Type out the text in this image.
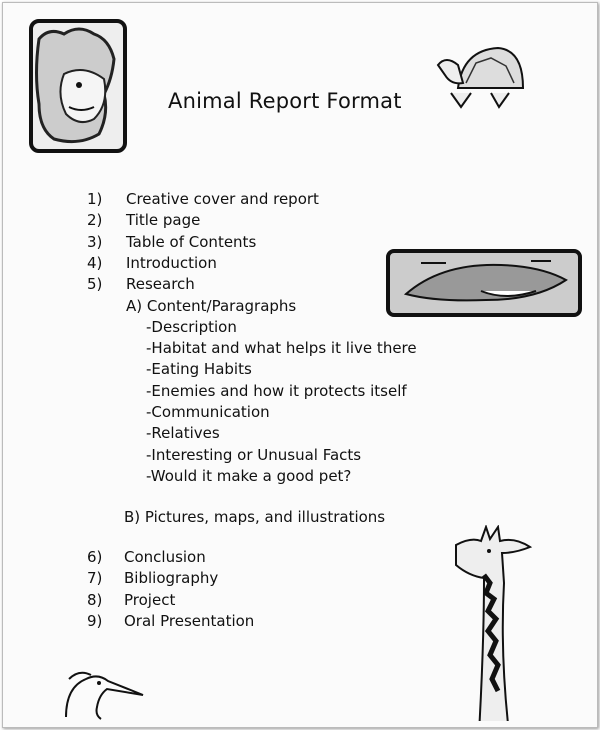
Animal Report Format
1) Creative cover and report
2) Title page
3) Table of Contents
4) Introduction
5) Research
A) Content/Paragraphs
-Description
-Habitat and what helps it live there
-Eating Habits
-Enemies and how it protects itself
-Communication
-Relatives
-Interesting or Unusual Facts
-Would it make a good pet?
B) Pictures, maps, and illustrations
6) Conclusion
7) Bibliography
8) Project
9) Oral Presentation
